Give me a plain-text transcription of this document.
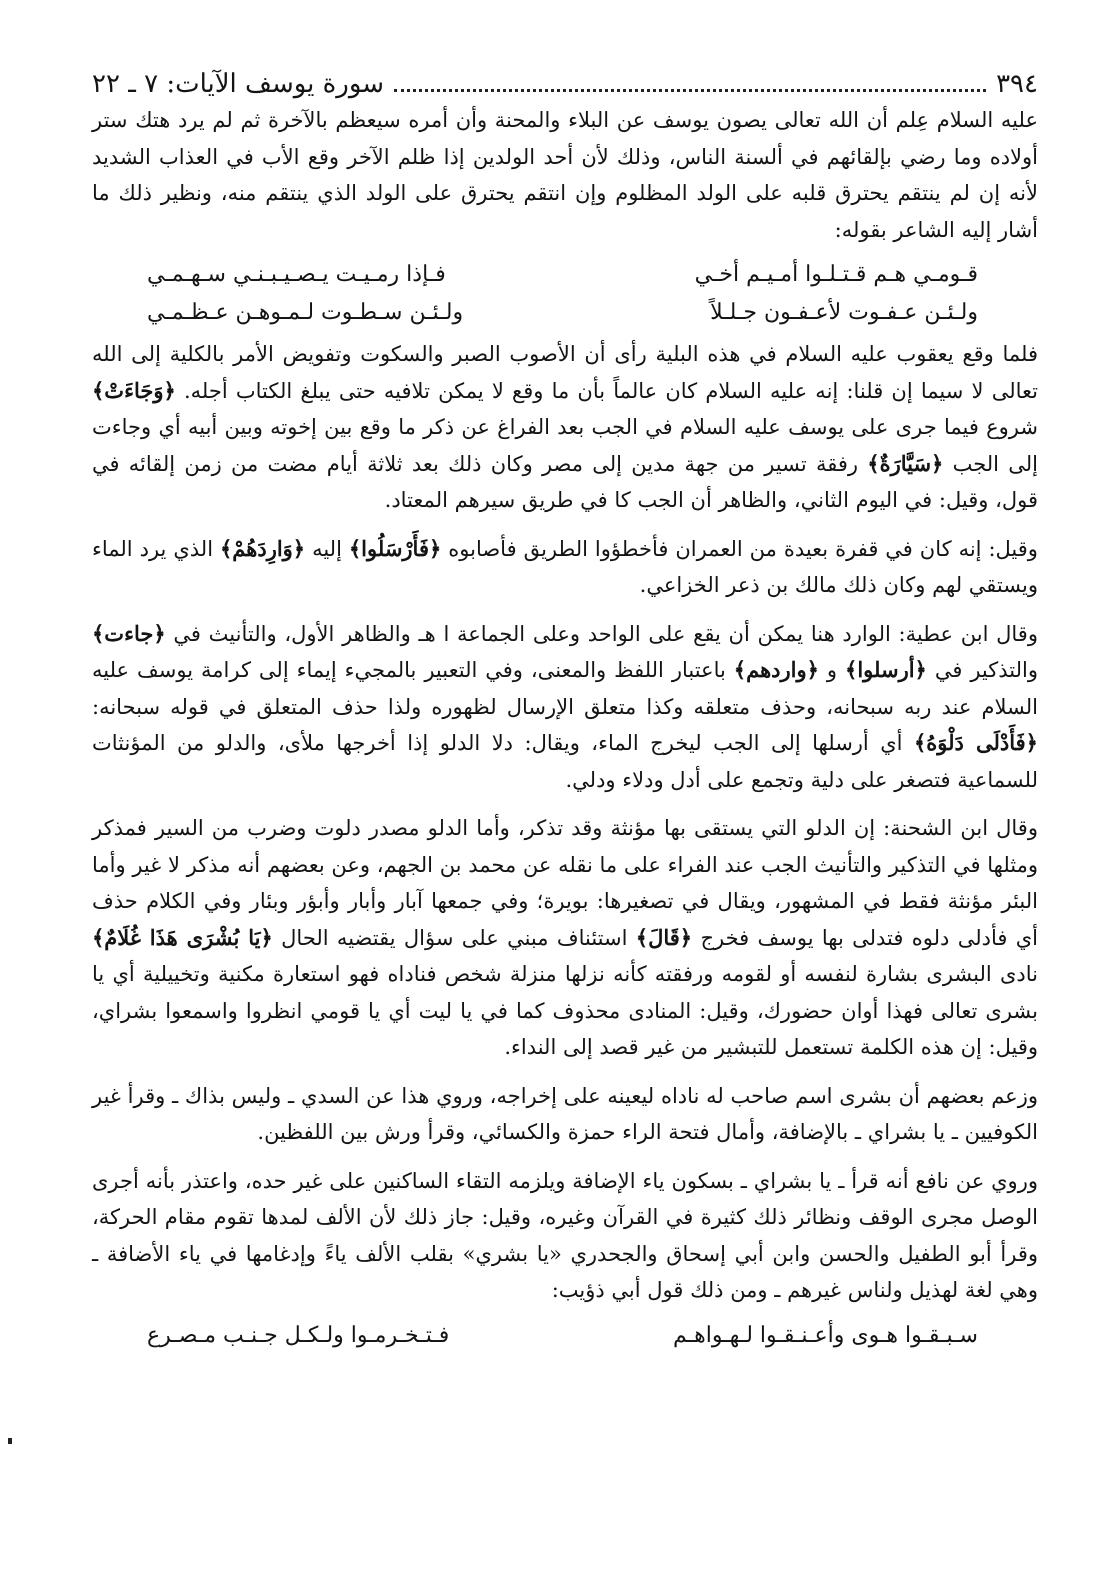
٣٩٤
سورة يوسف الآيات: ٧ ـ ٢٢

عليه السلام عِلم أن الله تعالى يصون يوسف عن البلاء والمحنة وأن أمره سيعظم بالآخرة ثم لم يرد هتك ستر أولاده وما رضي بإلقائهم في ألسنة الناس، وذلك لأن أحد الولدين إذا ظلم الآخر وقع الأب في العذاب الشديد لأنه إن لم ينتقم يحترق قلبه على الولد المظلوم وإن انتقم يحترق على الولد الذي ينتقم منه، ونظير ذلك ما أشار إليه الشاعر بقوله:

قـومـي هـم قـتـلـوا أمـيـم أخـي
فـإذا رمـيـت يـصـيـبـنـي سـهـمـي
ولـئـن عـفـوت لأعـفـون جـلـلاً
ولـئـن سـطـوت لـمـوهـن عـظـمـي

فلما وقع يعقوب عليه السلام في هذه البلية رأى أن الأصوب الصبر والسكوت وتفويض الأمر بالكلية إلى الله تعالى لا سيما إن قلنا: إنه عليه السلام كان عالماً بأن ما وقع لا يمكن تلافيه حتى يبلغ الكتاب أجله. ﴿وَجَاءَتْ﴾ شروع فيما جرى على يوسف عليه السلام في الجب بعد الفراغ عن ذكر ما وقع بين إخوته وبين أبيه أي وجاءت إلى الجب ﴿سَيَّارَةٌ﴾ رفقة تسير من جهة مدين إلى مصر وكان ذلك بعد ثلاثة أيام مضت من زمن إلقائه في قول، وقيل: في اليوم الثاني، والظاهر أن الجب كا في طريق سيرهم المعتاد.

وقيل: إنه كان في قفرة بعيدة من العمران فأخطؤوا الطريق فأصابوه ﴿فَأَرْسَلُوا﴾ إليه ﴿وَارِدَهُمْ﴾ الذي يرد الماء ويستقي لهم وكان ذلك مالك بن ذعر الخزاعي.

وقال ابن عطية: الوارد هنا يمكن أن يقع على الواحد وعلى الجماعة ا هـ والظاهر الأول، والتأنيث في ﴿جاءت﴾ والتذكير في ﴿أرسلوا﴾ و ﴿واردهم﴾ باعتبار اللفظ والمعنى، وفي التعبير بالمجيء إيماء إلى كرامة يوسف عليه السلام عند ربه سبحانه، وحذف متعلقه وكذا متعلق الإرسال لظهوره ولذا حذف المتعلق في قوله سبحانه: ﴿فَأَدْلَى دَلْوَهُ﴾ أي أرسلها إلى الجب ليخرج الماء، ويقال: دلا الدلو إذا أخرجها ملأى، والدلو من المؤنثات للسماعية فتصغر على دلية وتجمع على أدل ودلاء ودلي.

وقال ابن الشحنة: إن الدلو التي يستقى بها مؤنثة وقد تذكر، وأما الدلو مصدر دلوت وضرب من السير فمذكر ومثلها في التذكير والتأنيث الجب عند الفراء على ما نقله عن محمد بن الجهم، وعن بعضهم أنه مذكر لا غير وأما البئر مؤنثة فقط في المشهور، ويقال في تصغيرها: بويرة؛ وفي جمعها آبار وأبار وأبؤر وبئار وفي الكلام حذف أي فأدلى دلوه فتدلى بها يوسف فخرج ﴿قَالَ﴾ استئناف مبني على سؤال يقتضيه الحال ﴿يَا بُشْرَى هَذَا غُلَامٌ﴾ نادى البشرى بشارة لنفسه أو لقومه ورفقته كأنه نزلها منزلة شخص فناداه فهو استعارة مكنية وتخييلية أي يا بشرى تعالى فهذا أوان حضورك، وقيل: المنادى محذوف كما في يا ليت أي يا قومي انظروا واسمعوا بشراي، وقيل: إن هذه الكلمة تستعمل للتبشير من غير قصد إلى النداء.

وزعم بعضهم أن بشرى اسم صاحب له ناداه ليعينه على إخراجه، وروي هذا عن السدي ـ وليس بذاك ـ وقرأ غير الكوفيين ـ يا بشراي ـ بالإضافة، وأمال فتحة الراء حمزة والكسائي، وقرأ ورش بين اللفظين.

وروي عن نافع أنه قرأ ـ يا بشراي ـ بسكون ياء الإضافة ويلزمه التقاء الساكنين على غير حده، واعتذر بأنه أجرى الوصل مجرى الوقف ونظائر ذلك كثيرة في القرآن وغيره، وقيل: جاز ذلك لأن الألف لمدها تقوم مقام الحركة، وقرأ أبو الطفيل والحسن وابن أبي إسحاق والجحدري «يا بشري» بقلب الألف ياءً وإدغامها في ياء الأضافة ـ وهي لغة لهذيل ولناس غيرهم ـ ومن ذلك قول أبي ذؤيب:

سـبـقـوا هـوى وأعـنـقـوا لـهـواهـم
فـتـخـرمـوا ولـكـل جـنـب مـصـرع
